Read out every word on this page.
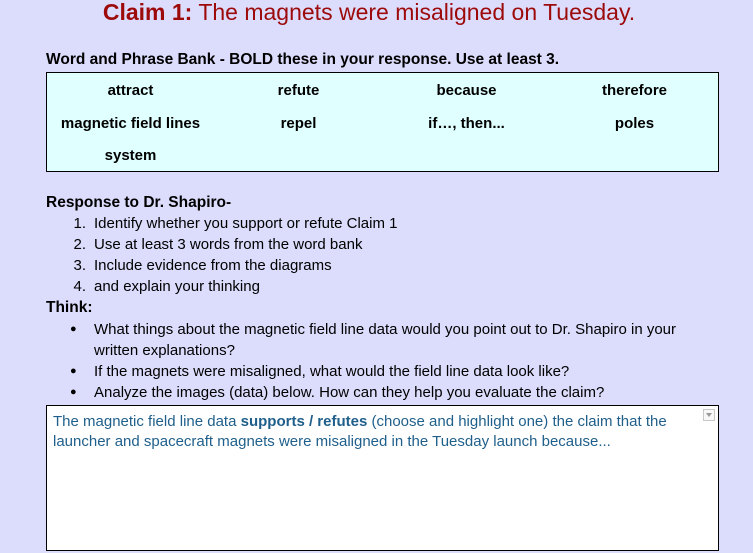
Claim 1: The magnets were misaligned on Tuesday.
Word and Phrase Bank - BOLD these in your response. Use at least 3.
attract	refute	because	therefore
magnetic field lines	repel	if…, then...	poles
system
Response to Dr. Shapiro-
1. Identify whether you support or refute Claim 1
2. Use at least 3 words from the word bank
3. Include evidence from the diagrams
4. and explain your thinking
Think:
● What things about the magnetic field line data would you point out to Dr. Shapiro in your written explanations?
● If the magnets were misaligned, what would the field line data look like?
● Analyze the images (data) below. How can they help you evaluate the claim?
The magnetic field line data supports / refutes (choose and highlight one) the claim that the launcher and spacecraft magnets were misaligned in the Tuesday launch because...
